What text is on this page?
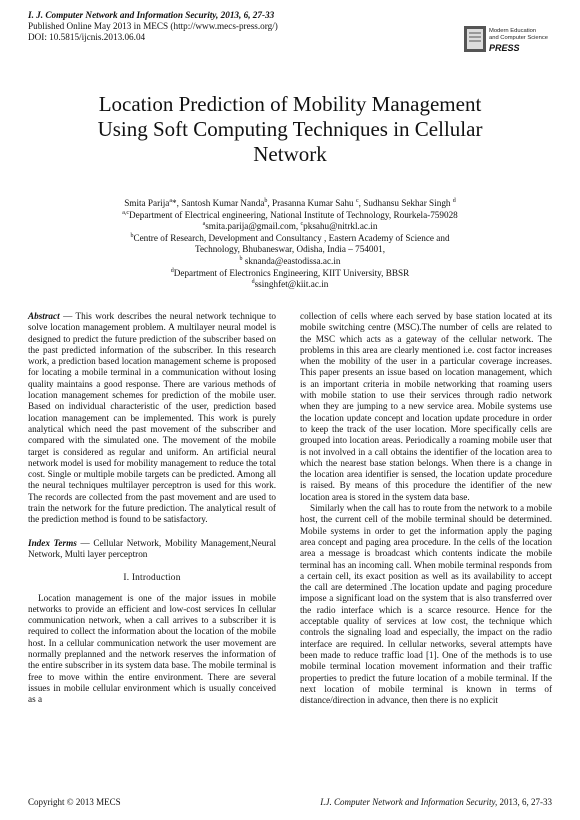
I. J. Computer Network and Information Security, 2013, 6, 27-33
Published Online May 2013 in MECS (http://www.mecs-press.org/)
DOI: 10.5815/ijcnis.2013.06.04
Modern Education
and Computer Science
PRESS
Location Prediction of Mobility Management
Using Soft Computing Techniques in Cellular
Network
Smita Parija$^a$*, Santosh Kumar Nanda$^b$, Prasanna Kumar Sahu $^c$, Sudhansu Sekhar Singh $^d$
$^{a,c}$Department of Electrical engineering, National Institute of Technology, Rourkela-759028
$^a$smita.parija@gmail.com, $^c$pksahu@nitrkl.ac.in
$^b$Centre of Research, Development and Consultancy , Eastern Academy of Science and
Technology, Bhubaneswar, Odisha, India – 754001,
$^b$ sknanda@eastodissa.ac.in
$^d$Department of Electronics Engineering, KIIT University, BBSR
$^d$ssinghfet@kiit.ac.in

Abstract — This work describes the neural network technique to solve location management problem. A multilayer neural model is designed to predict the future prediction of the subscriber based on the past predicted information of the subscriber. In this research work, a prediction based location management scheme is proposed for locating a mobile terminal in a communication without losing quality maintains a good response. There are various methods of location management schemes for prediction of the mobile user. Based on individual characteristic of the user, prediction based location management can be implemented. This work is purely analytical which need the past movement of the subscriber and compared with the simulated one. The movement of the mobile target is considered as regular and uniform. An artificial neural network model is used for mobility management to reduce the total cost. Single or multiple mobile targets can be predicted. Among all the neural techniques multilayer perceptron is used for this work. The records are collected from the past movement and are used to train the network for the future prediction. The analytical result of the prediction method is found to be satisfactory.

Index Terms — Cellular Network, Mobility Management,Neural Network, Multi layer perceptron

I. Introduction

Location management is one of the major issues in mobile networks to provide an efficient and low-cost services In cellular communication network, when a call arrives to a subscriber it is required to collect the information about the location of the mobile host. In a cellular communication network the user movement are normally preplanned and the network reserves the information of the entire subscriber in its system data base. The mobile terminal is free to move within the entire environment. There are several issues in mobile cellular environment which is usually conceived as a

collection of cells where each served by base station located at its mobile switching centre (MSC).The number of cells are related to the MSC which acts as a gateway of the cellular network. The problems in this area are clearly mentioned i.e. cost factor increases when the mobility of the user in a particular coverage increases. This paper presents an issue based on location management, which is an important criteria in mobile networking that roaming users with mobile station to use their services through radio network when they are jumping to a new service area. Mobile systems use the location update concept and location update procedure in order to keep the track of the user location. More specifically cells are grouped into location areas. Periodically a roaming mobile user that is not involved in a call obtains the identifier of the location area to which the nearest base station belongs. When there is a change in the location area identifier is sensed, the location update procedure is raised. By means of this procedure the identifier of the new location area is stored in the system data base.

Similarly when the call has to route from the network to a mobile host, the current cell of the mobile terminal should be determined. Mobile systems in order to get the information apply the paging area concept and paging area procedure. In the cells of the location area a message is broadcast which contents indicate the mobile terminal has an incoming call. When mobile terminal responds from a certain cell, its exact position as well as its availability to accept the call are determined .The location update and paging procedure impose a significant load on the system that is also transferred over the radio interface which is a scarce resource. Hence for the acceptable quality of services at low cost, the technique which controls the signaling load and especially, the impact on the radio interface are required. In cellular networks, several attempts have been made to reduce traffic load [1]. One of the methods is to use mobile terminal location movement information and their traffic properties to predict the future location of a mobile terminal. If the next location of mobile terminal is known in terms of distance/direction in advance, then there is no explicit

Copyright © 2013 MECS	I.J. Computer Network and Information Security, 2013, 6, 27-33
